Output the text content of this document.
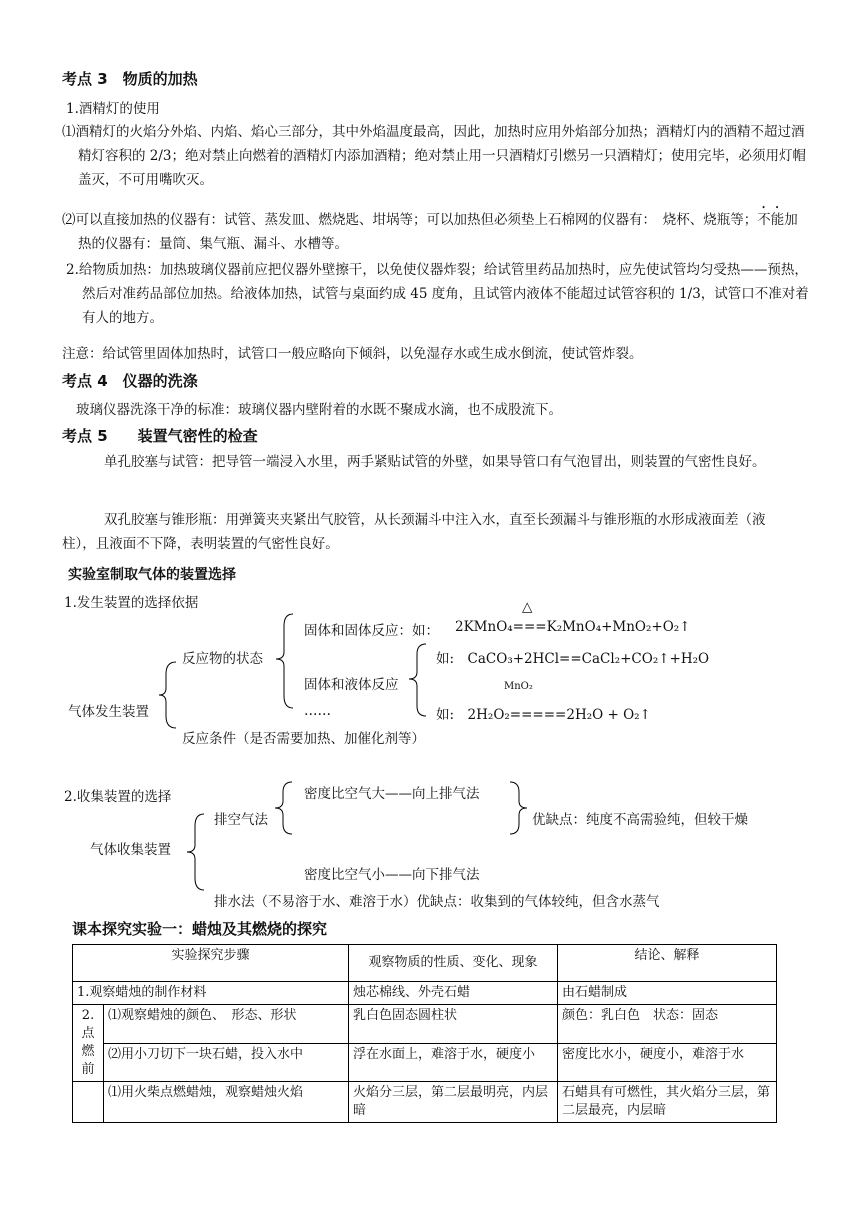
考点 3　物质的加热
1.酒精灯的使用
⑴酒精灯的火焰分外焰、内焰、焰心三部分，其中外焰温度最高，因此，加热时应用外焰部分加热；酒精灯内的酒精不超过酒精灯容积的 2/3；绝对禁止向燃着的酒精灯内添加酒精；绝对禁止用一只酒精灯引燃另一只酒精灯；使用完毕，必须用灯帽盖灭，不可用嘴吹灭。
⑵可以直接加热的仪器有：试管、蒸发皿、燃烧匙、坩埚等；可以加热但必须垫上石棉网的仪器有：　烧杯、烧瓶等；不能加热的仪器有：量筒、集气瓶、漏斗、水槽等。
2.给物质加热：加热玻璃仪器前应把仪器外壁擦干，以免使仪器炸裂；给试管里药品加热时，应先使试管均匀受热——预热，然后对准药品部位加热。给液体加热，试管与桌面约成 45 度角，且试管内液体不能超过试管容积的 1/3，试管口不准对着有人的地方。
注意：给试管里固体加热时，试管口一般应略向下倾斜，以免湿存水或生成水倒流，使试管炸裂。
考点 4　仪器的洗涤
玻璃仪器洗涤干净的标准：玻璃仪器内壁附着的水既不聚成水滴，也不成股流下。
考点 5　　装置气密性的检查
单孔胶塞与试管：把导管一端浸入水里，两手紧贴试管的外壁，如果导管口有气泡冒出，则装置的气密性良好。
双孔胶塞与锥形瓶：用弹簧夹夹紧出气胶管，从长颈漏斗中注入水，直至长颈漏斗与锥形瓶的水形成液面差（液柱），且液面不下降，表明装置的气密性良好。
实验室制取气体的装置选择
1.发生装置的选择依据
气体发生装置
反应物的状态
反应条件（是否需要加热、加催化剂等）
固体和固体反应：如：
△
2KMnO₄===K₂MnO₄+MnO₂+O₂↑
固体和液体反应
……
如:　CaCO₃+2HCl==CaCl₂+CO₂↑+H₂O
MnO₂
如:　2H₂O₂=====2H₂O + O₂↑
2.收集装置的选择
气体收集装置
排空气法
密度比空气大——向上排气法
优缺点：纯度不高需验纯，但较干燥
密度比空气小——向下排气法
排水法（不易溶于水、难溶于水）优缺点：收集到的气体较纯，但含水蒸气
课本探究实验一：蜡烛及其燃烧的探究
实验探究步骤		观察物质的性质、变化、现象	结论、解释
1.观察蜡烛的制作材料		烛芯棉线、外壳石蜡	由石蜡制成
2.点燃前	⑴观察蜡烛的颜色、　形态、形状	乳白色固态圆柱状	颜色：乳白色　状态：固态
	⑵用小刀切下一块石蜡，投入水中	浮在水面上，难溶于水，硬度小	密度比水小，硬度小，难溶于水
	⑴用火柴点燃蜡烛，观察蜡烛火焰	火焰分三层，第二层最明亮，内层暗	石蜡具有可燃性，其火焰分三层，第二层最亮，内层暗
